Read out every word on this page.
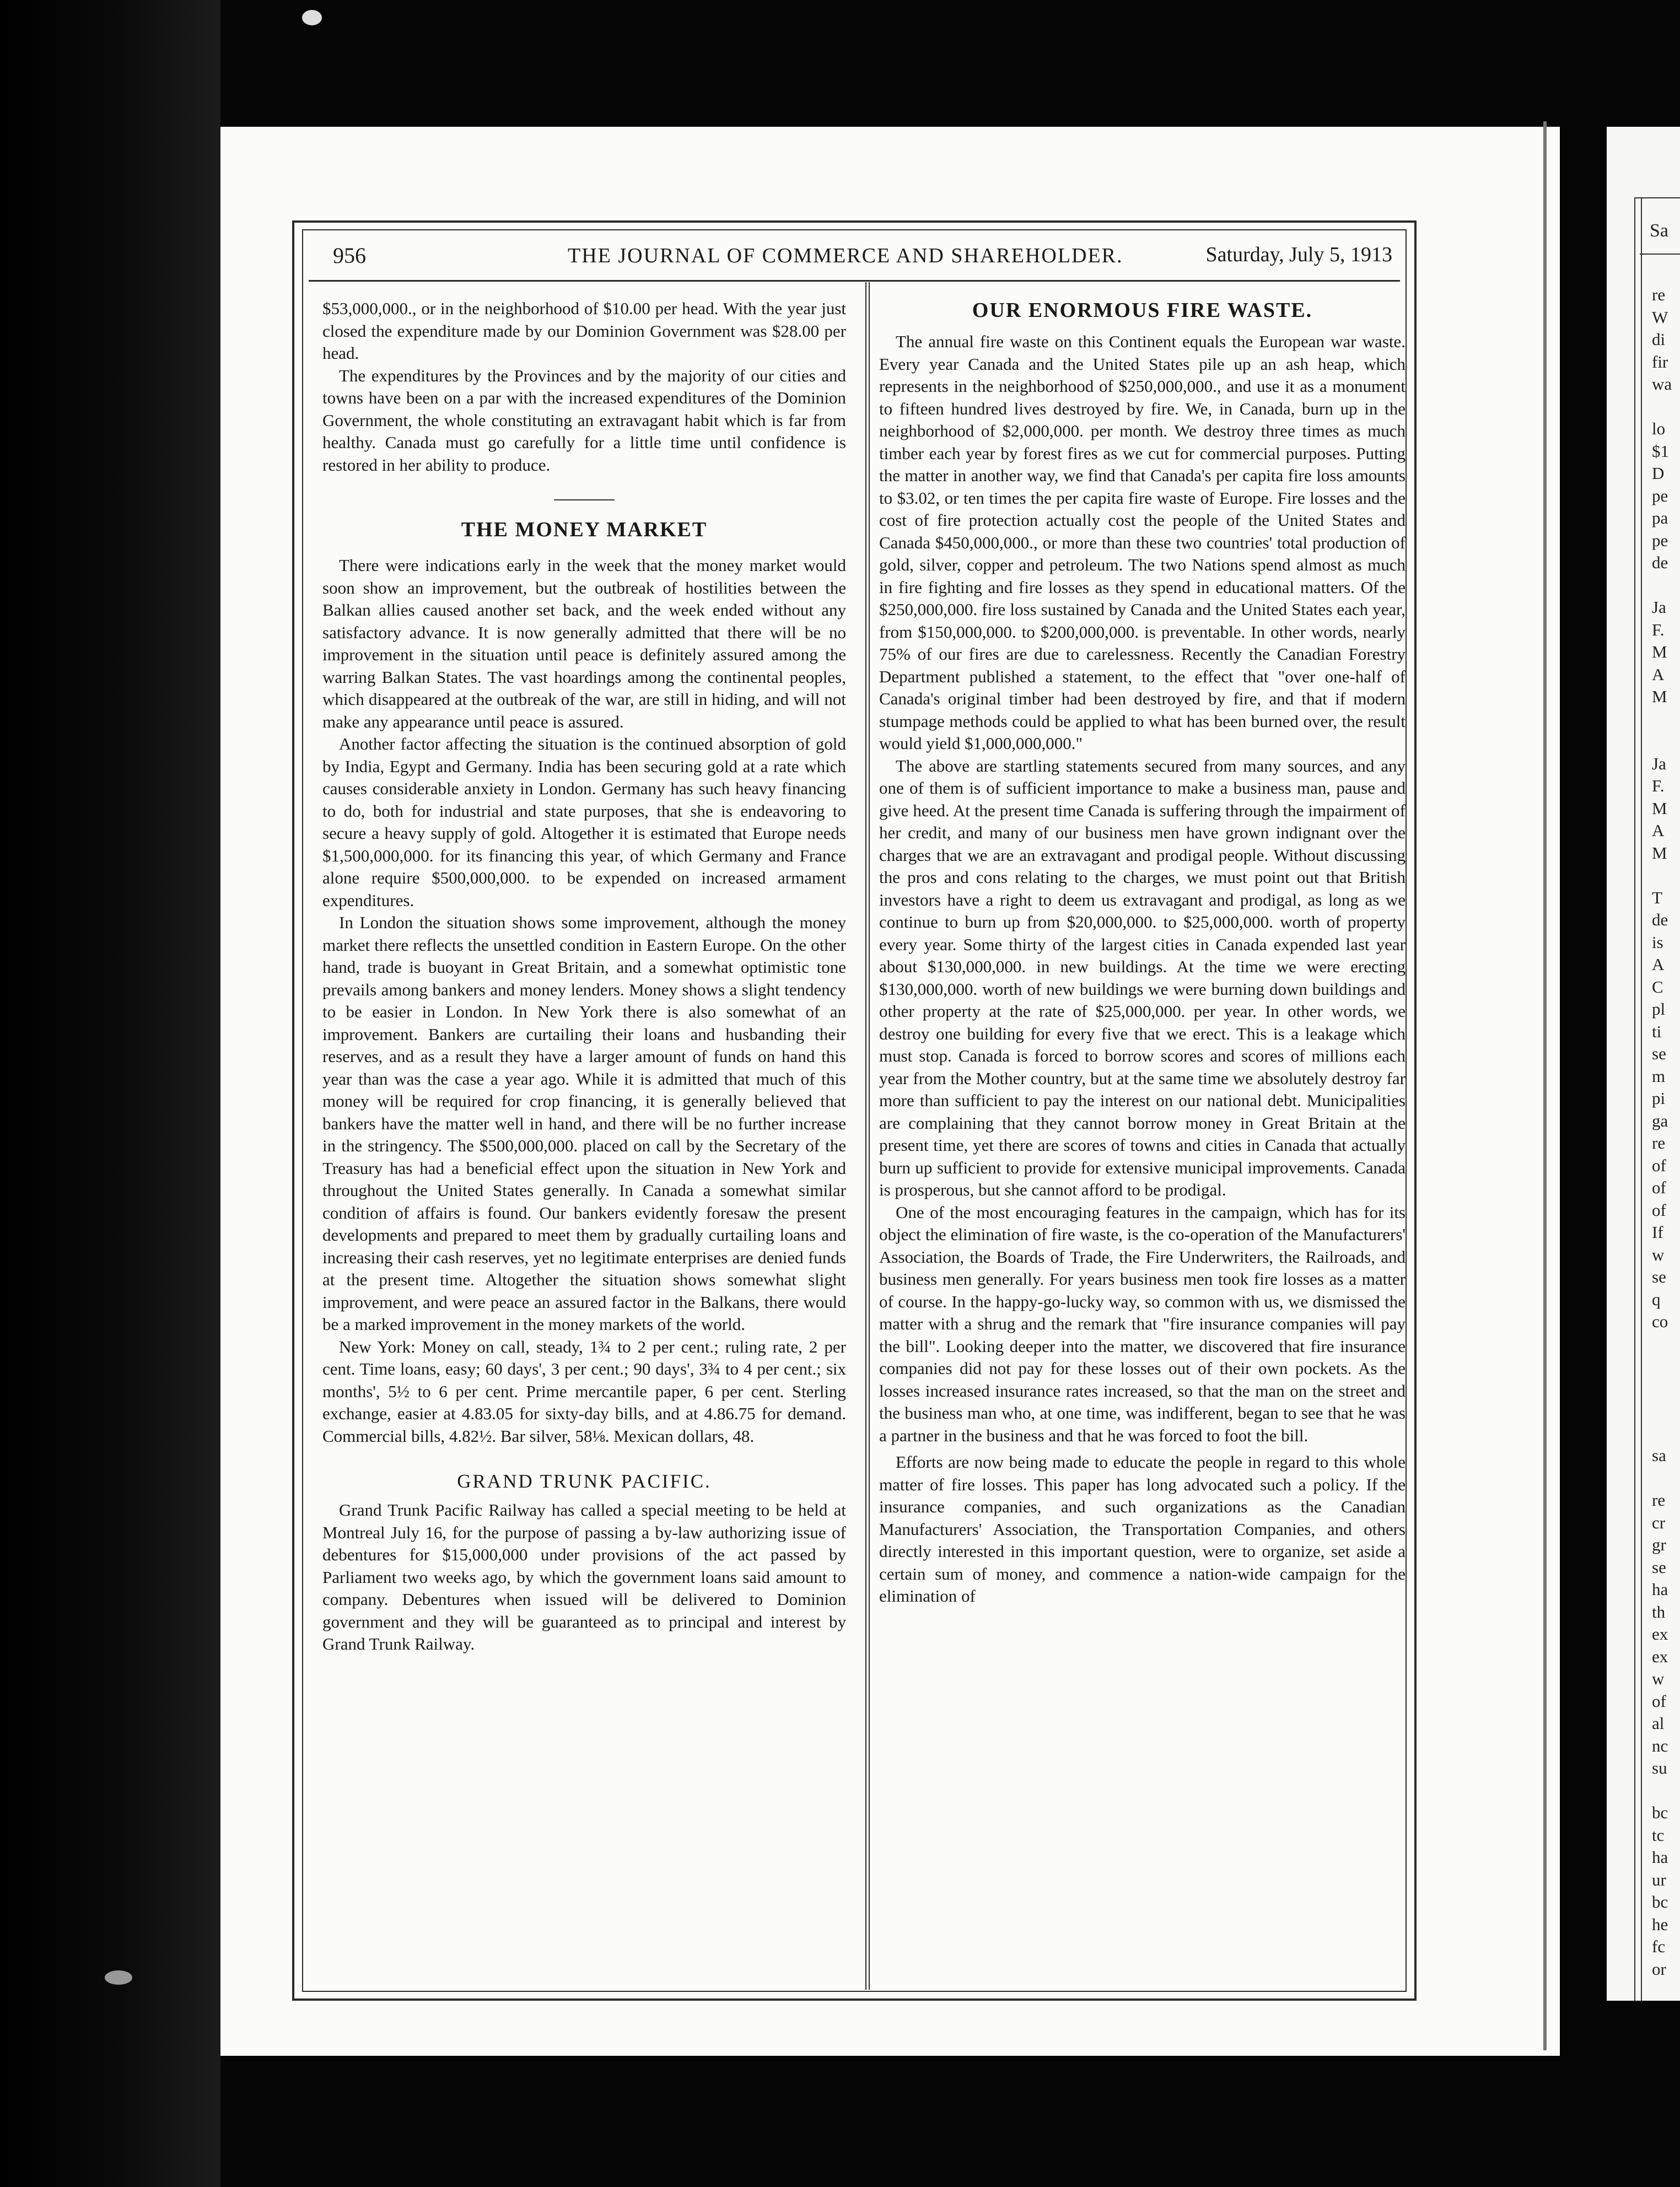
956	THE JOURNAL OF COMMERCE AND SHAREHOLDER.	Saturday, July 5, 1913

$53,000,000., or in the neighborhood of $10.00 per head. With the year just closed the expenditure made by our Dominion Government was $28.00 per head.

The expenditures by the Provinces and by the majority of our cities and towns have been on a par with the increased expenditures of the Dominion Government, the whole constituting an extravagant habit which is far from healthy. Canada must go carefully for a little time until confidence is restored in her ability to produce.

THE MONEY MARKET

There were indications early in the week that the money market would soon show an improvement, but the outbreak of hostilities between the Balkan allies caused another set back, and the week ended without any satisfactory advance. It is now generally admitted that there will be no improvement in the situation until peace is definitely assured among the warring Balkan States. The vast hoardings among the continental peoples, which disappeared at the outbreak of the war, are still in hiding, and will not make any appearance until peace is assured.

Another factor affecting the situation is the continued absorption of gold by India, Egypt and Germany. India has been securing gold at a rate which causes considerable anxiety in London. Germany has such heavy financing to do, both for industrial and state purposes, that she is endeavoring to secure a heavy supply of gold. Altogether it is estimated that Europe needs $1,500,000,000. for its financing this year, of which Germany and France alone require $500,000,000. to be expended on increased armament expenditures.

In London the situation shows some improvement, although the money market there reflects the unsettled condition in Eastern Europe. On the other hand, trade is buoyant in Great Britain, and a somewhat optimistic tone prevails among bankers and money lenders. Money shows a slight tendency to be easier in London. In New York there is also somewhat of an improvement. Bankers are curtailing their loans and husbanding their reserves, and as a result they have a larger amount of funds on hand this year than was the case a year ago. While it is admitted that much of this money will be required for crop financing, it is generally believed that bankers have the matter well in hand, and there will be no further increase in the stringency. The $500,000,000. placed on call by the Secretary of the Treasury has had a beneficial effect upon the situation in New York and throughout the United States generally. In Canada a somewhat similar condition of affairs is found. Our bankers evidently foresaw the present developments and prepared to meet them by gradually curtailing loans and increasing their cash reserves, yet no legitimate enterprises are denied funds at the present time. Altogether the situation shows somewhat slight improvement, and were peace an assured factor in the Balkans, there would be a marked improvement in the money markets of the world.

New York: Money on call, steady, 1¾ to 2 per cent.; ruling rate, 2 per cent. Time loans, easy; 60 days', 3 per cent.; 90 days', 3¾ to 4 per cent.; six months', 5½ to 6 per cent. Prime mercantile paper, 6 per cent. Sterling exchange, easier at 4.83.05 for sixty-day bills, and at 4.86.75 for demand. Commercial bills, 4.82½. Bar silver, 58⅛. Mexican dollars, 48.

GRAND TRUNK PACIFIC.

Grand Trunk Pacific Railway has called a special meeting to be held at Montreal July 16, for the purpose of passing a by-law authorizing issue of debentures for $15,000,000 under provisions of the act passed by Parliament two weeks ago, by which the government loans said amount to company. Debentures when issued will be delivered to Dominion government and they will be guaranteed as to principal and interest by Grand Trunk Railway.

OUR ENORMOUS FIRE WASTE.

The annual fire waste on this Continent equals the European war waste. Every year Canada and the United States pile up an ash heap, which represents in the neighborhood of $250,000,000., and use it as a monument to fifteen hundred lives destroyed by fire. We, in Canada, burn up in the neighborhood of $2,000,000. per month. We destroy three times as much timber each year by forest fires as we cut for commercial purposes. Putting the matter in another way, we find that Canada's per capita fire loss amounts to $3.02, or ten times the per capita fire waste of Europe. Fire losses and the cost of fire protection actually cost the people of the United States and Canada $450,000,000., or more than these two countries' total production of gold, silver, copper and petroleum. The two Nations spend almost as much in fire fighting and fire losses as they spend in educational matters. Of the $250,000,000. fire loss sustained by Canada and the United States each year, from $150,000,000. to $200,000,000. is preventable. In other words, nearly 75% of our fires are due to carelessness. Recently the Canadian Forestry Department published a statement, to the effect that "over one-half of Canada's original timber had been destroyed by fire, and that if modern stumpage methods could be applied to what has been burned over, the result would yield $1,000,000,000."

The above are startling statements secured from many sources, and any one of them is of sufficient importance to make a business man, pause and give heed. At the present time Canada is suffering through the impairment of her credit, and many of our business men have grown indignant over the charges that we are an extravagant and prodigal people. Without discussing the pros and cons relating to the charges, we must point out that British investors have a right to deem us extravagant and prodigal, as long as we continue to burn up from $20,000,000. to $25,000,000. worth of property every year. Some thirty of the largest cities in Canada expended last year about $130,000,000. in new buildings. At the time we were erecting $130,000,000. worth of new buildings we were burning down buildings and other property at the rate of $25,000,000. per year. In other words, we destroy one building for every five that we erect. This is a leakage which must stop. Canada is forced to borrow scores and scores of millions each year from the Mother country, but at the same time we absolutely destroy far more than sufficient to pay the interest on our national debt. Municipalities are complaining that they cannot borrow money in Great Britain at the present time, yet there are scores of towns and cities in Canada that actually burn up sufficient to provide for extensive municipal improvements. Canada is prosperous, but she cannot afford to be prodigal.

One of the most encouraging features in the campaign, which has for its object the elimination of fire waste, is the co-operation of the Manufacturers' Association, the Boards of Trade, the Fire Underwriters, the Railroads, and business men generally. For years business men took fire losses as a matter of course. In the happy-go-lucky way, so common with us, we dismissed the matter with a shrug and the remark that "fire insurance companies will pay the bill". Looking deeper into the matter, we discovered that fire insurance companies did not pay for these losses out of their own pockets. As the losses increased insurance rates increased, so that the man on the street and the business man who, at one time, was indifferent, began to see that he was a partner in the business and that he was forced to foot the bill.

Efforts are now being made to educate the people in regard to this whole matter of fire losses. This paper has long advocated such a policy. If the insurance companies, and such organizations as the Canadian Manufacturers' Association, the Transportation Companies, and others directly interested in this important question, were to organize, set aside a certain sum of money, and commence a nation-wide campaign for the elimination of

Sa
re
W
di
fir
wa

lo
$1
D
pe
pa
pe
de

Ja
F.
M
A
M

Ja
F.
M
A
M

T
de
is
A
C
pl
ti
se
m
pi
ga
re
of
of
of
If
w
se
q
co

sa

re
cr
gr
se
ha
th
ex
ex
w
of
al
nc
su

bc
tc
ha
ur
bc
he
fc
or
